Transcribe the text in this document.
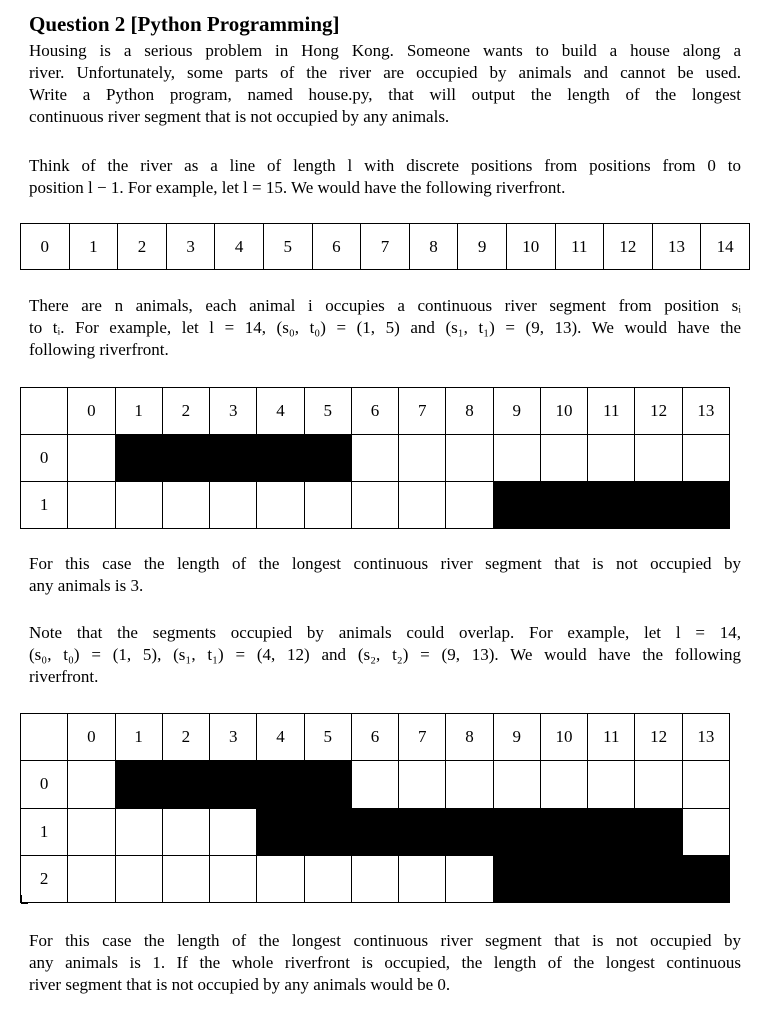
Question 2 [Python Programming]

Housing is a serious problem in Hong Kong. Someone wants to build a house along a
river. Unfortunately, some parts of the river are occupied by animals and cannot be used.
Write a Python program, named house.py, that will output the length of the longest
continuous river segment that is not occupied by any animals.

Think of the river as a line of length l with discrete positions from positions from 0 to
position l − 1. For example, let l = 15. We would have the following riverfront.

0	1	2	3	4	5	6	7	8	9	10	11	12	13	14

There are n animals, each animal i occupies a continuous river segment from position sᵢ
to tᵢ. For example, let l = 14, (s₀, t₀) = (1, 5) and (s₁, t₁) = (9, 13). We would have the
following riverfront.

	0	1	2	3	4	5	6	7	8	9	10	11	12	13
0														
1														

For this case the length of the longest continuous river segment that is not occupied by
any animals is 3.

Note that the segments occupied by animals could overlap. For example, let l = 14,
(s₀, t₀) = (1, 5), (s₁, t₁) = (4, 12) and (s₂, t₂) = (9, 13). We would have the following
riverfront.

	0	1	2	3	4	5	6	7	8	9	10	11	12	13
0														
1														
2														

For this case the length of the longest continuous river segment that is not occupied by
any animals is 1. If the whole riverfront is occupied, the length of the longest continuous
river segment that is not occupied by any animals would be 0.
